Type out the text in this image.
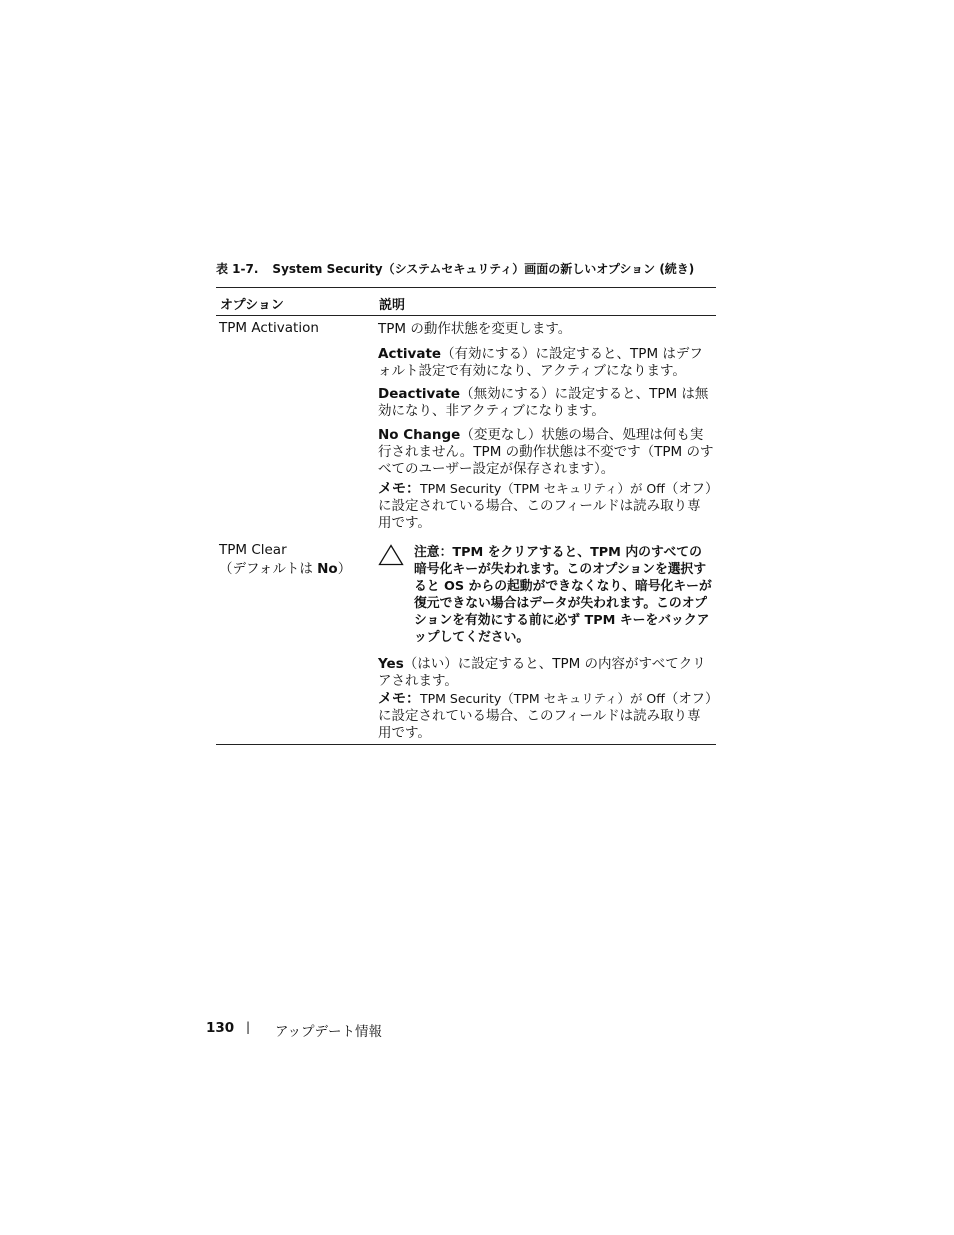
表 1-7. System Security（システムセキュリティ）画面の新しいオプション (続き)
オプション	説明
TPM Activation	TPM の動作状態を変更します。
Activate（有効にする）に設定すると、TPM はデフォルト設定で有効になり、アクティブになります。
Deactivate（無効にする）に設定すると、TPM は無効になり、非アクティブになります。
No Change（変更なし）状態の場合、処理は何も実行されません。TPM の動作状態は不変です（TPM のすべてのユーザー設定が保存されます）。
メモ：TPM Security（TPM セキュリティ）が Off（オフ）に設定されている場合、このフィールドは読み取り専用です。
TPM Clear
（デフォルトは No）
注意：TPM をクリアすると、TPM 内のすべての暗号化キーが失われます。このオプションを選択すると OS からの起動ができなくなり、暗号化キーが復元できない場合はデータが失われます。このオプションを有効にする前に必ず TPM キーをバックアップしてください。
Yes（はい）に設定すると、TPM の内容がすべてクリアされます。
メモ：TPM Security（TPM セキュリティ）が Off（オフ）に設定されている場合、このフィールドは読み取り専用です。
130 | アップデート情報
